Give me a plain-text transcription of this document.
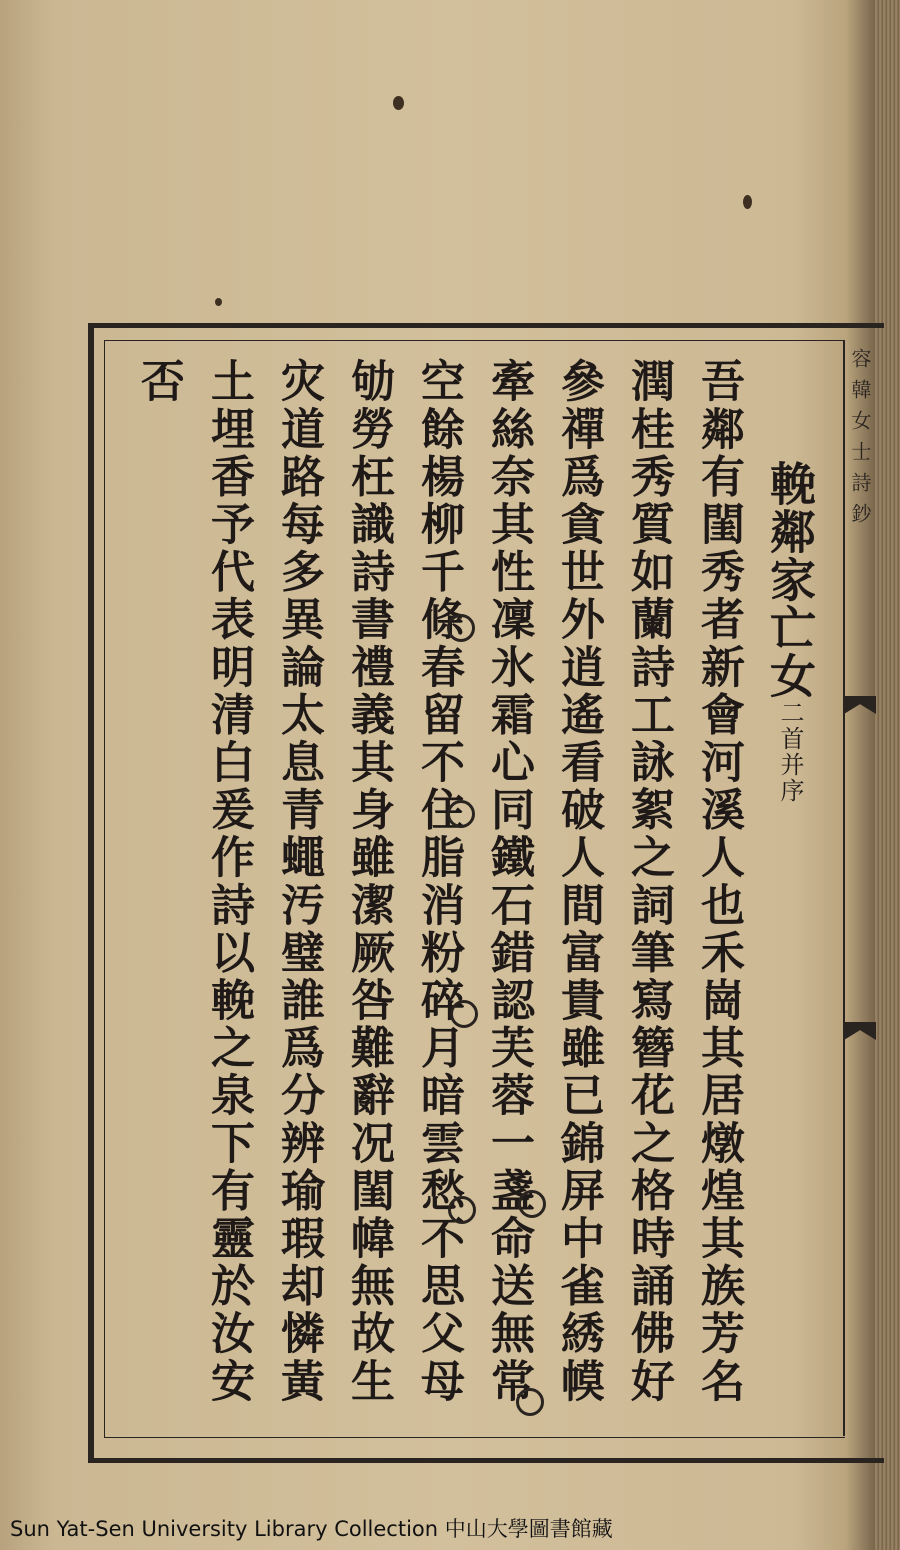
容韓女士詩鈔
輓鄰家亡女二首并序
吾鄰有閨秀者新會河溪人也禾崗其居燉煌其族芳名
潤桂秀質如蘭詩工詠絮之詞筆寫簪花之格時誦佛好
參禪爲貪世外逍遙看破人間富貴雖已錦屏中雀綉幙
牽絲奈其性凜氷霜心同鐵石錯認芙蓉一盞命送無常
空餘楊柳千條春留不住脂消粉碎月暗雲愁不思父母
劬勞枉識詩書禮義其身雖潔厥咎難辭况閨幃無故生
灾道路每多異論太息青蠅汚璧誰爲分辨瑜瑕却憐黃
土埋香予代表明清白爰作詩以輓之泉下有靈於汝安
否
Sun Yat-Sen University Library Collection 中山大學圖書館藏
